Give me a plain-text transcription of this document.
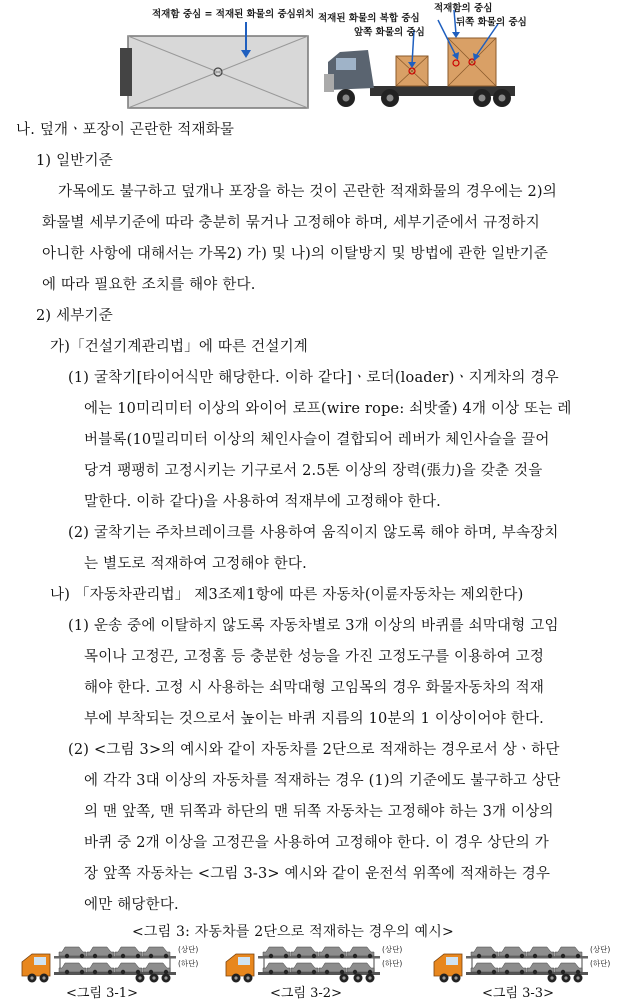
적재함 중심 = 적재된 화물의 중심위치 적재된 화물의 복합 중심
앞쪽 화물의 중심
적재함의 중심
뒤쪽 화물의 중심
나. 덮개ㆍ포장이 곤란한 적재화물
1) 일반기준
가목에도 불구하고 덮개나 포장을 하는 것이 곤란한 적재화물의 경우에는 2)의
화물별 세부기준에 따라 충분히 묶거나 고정해야 하며, 세부기준에서 규정하지
아니한 사항에 대해서는 가목2) 가) 및 나)의 이탈방지 및 방법에 관한 일반기준
에 따라 필요한 조치를 해야 한다.
2) 세부기준
가)「건설기계관리법」에 따른 건설기계
(1) 굴착기[타이어식만 해당한다. 이하 같다]ㆍ로더(loader)ㆍ지게차의 경우
에는 10미리미터 이상의 와이어 로프(wire rope: 쇠밧줄) 4개 이상 또는 레
버블록(10밀리미터 이상의 체인사슬이 결합되어 레버가 체인사슬을 끌어
당겨 팽팽히 고정시키는 기구로서 2.5톤 이상의 장력(張力)을 갖춘 것을
말한다. 이하 같다)을 사용하여 적재부에 고정해야 한다.
(2) 굴착기는 주차브레이크를 사용하여 움직이지 않도록 해야 하며, 부속장치
는 별도로 적재하여 고정해야 한다.
나) 「자동차관리법」 제3조제1항에 따른 자동차(이륜자동차는 제외한다)
(1) 운송 중에 이탈하지 않도록 자동차별로 3개 이상의 바퀴를 쇠막대형 고임
목이나 고정끈, 고정홈 등 충분한 성능을 가진 고정도구를 이용하여 고정
해야 한다. 고정 시 사용하는 쇠막대형 고임목의 경우 화물자동차의 적재
부에 부착되는 것으로서 높이는 바퀴 지름의 10분의 1 이상이어야 한다.
(2) <그림 3>의 예시와 같이 자동차를 2단으로 적재하는 경우로서 상ㆍ하단
에 각각 3대 이상의 자동차를 적재하는 경우 (1)의 기준에도 불구하고 상단
의 맨 앞쪽, 맨 뒤쪽과 하단의 맨 뒤쪽 자동차는 고정해야 하는 3개 이상의
바퀴 중 2개 이상을 고정끈을 사용하여 고정해야 한다. 이 경우 상단의 가
장 앞쪽 자동차는 <그림 3-3> 예시와 같이 운전석 위쪽에 적재하는 경우
에만 해당한다.
<그림 3: 자동차를 2단으로 적재하는 경우의 예시>
(상단)
(하단)
<그림 3-1>
(상단)
(하단)
<그림 3-2>
(상단)
(하단)
<그림 3-3>
